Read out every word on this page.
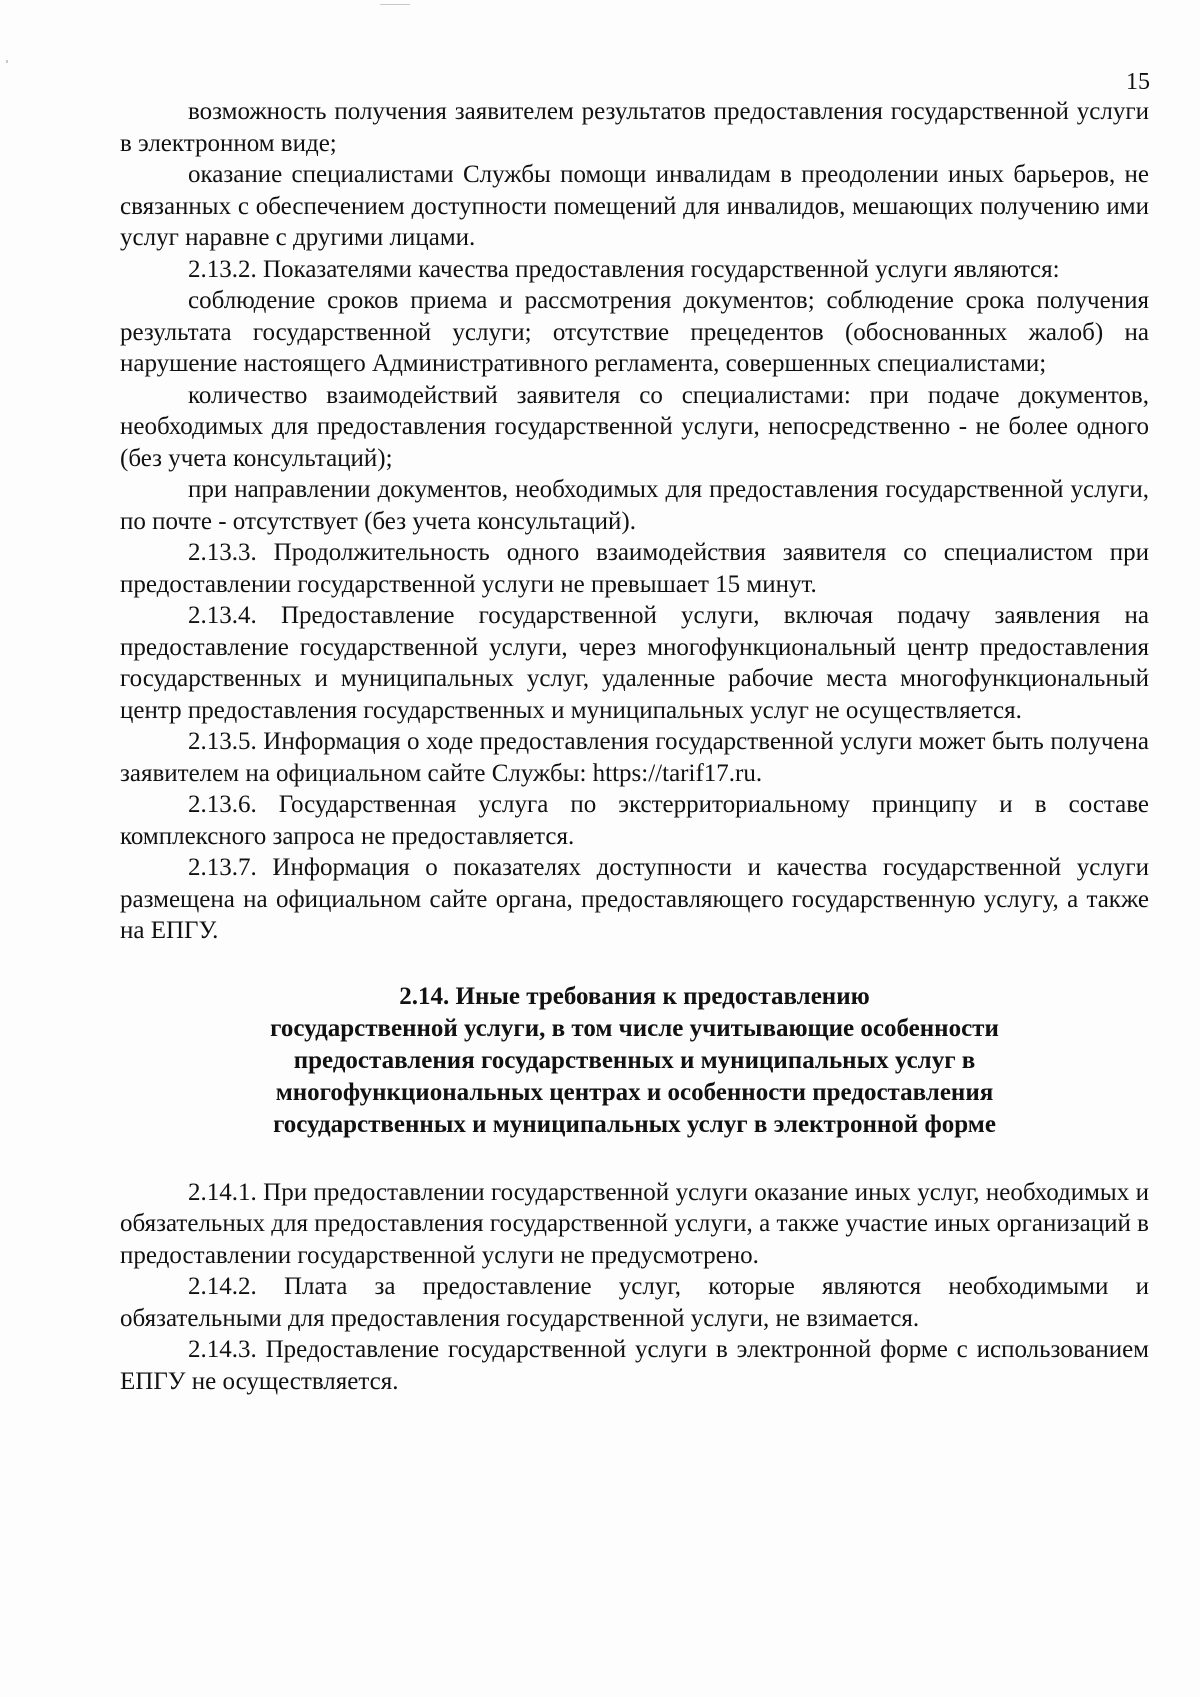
15

возможность получения заявителем результатов предоставления государственной услуги в электронном виде;

оказание специалистами Службы помощи инвалидам в преодолении иных барьеров, не связанных с обеспечением доступности помещений для инвалидов, мешающих получению ими услуг наравне с другими лицами.

2.13.2. Показателями качества предоставления государственной услуги являются:

соблюдение сроков приема и рассмотрения документов; соблюдение срока получения результата государственной услуги; отсутствие прецедентов (обоснованных жалоб) на нарушение настоящего Административного регламента, совершенных специалистами;

количество взаимодействий заявителя со специалистами: при подаче документов, необходимых для предоставления государственной услуги, непосредственно - не более одного (без учета консультаций);

при направлении документов, необходимых для предоставления государственной услуги, по почте - отсутствует (без учета консультаций).

2.13.3. Продолжительность одного взаимодействия заявителя со специалистом при предоставлении государственной услуги не превышает 15 минут.

2.13.4. Предоставление государственной услуги, включая подачу заявления на предоставление государственной услуги, через многофункциональный центр предоставления государственных и муниципальных услуг, удаленные рабочие места многофункциональный центр предоставления государственных и муниципальных услуг не осуществляется.

2.13.5. Информация о ходе предоставления государственной услуги может быть получена заявителем на официальном сайте Службы: https://tarif17.ru.

2.13.6. Государственная услуга по экстерриториальному принципу и в составе комплексного запроса не предоставляется.

2.13.7. Информация о показателях доступности и качества государственной услуги размещена на официальном сайте органа, предоставляющего государственную услугу, а также на ЕПГУ.

2.14. Иные требования к предоставлению
государственной услуги, в том числе учитывающие особенности
предоставления государственных и муниципальных услуг в
многофункциональных центрах и особенности предоставления
государственных и муниципальных услуг в электронной форме

2.14.1. При предоставлении государственной услуги оказание иных услуг, необходимых и обязательных для предоставления государственной услуги, а также участие иных организаций в предоставлении государственной услуги не предусмотрено.

2.14.2. Плата за предоставление услуг, которые являются необходимыми и обязательными для предоставления государственной услуги, не взимается.

2.14.3. Предоставление государственной услуги в электронной форме с использованием ЕПГУ не осуществляется.
